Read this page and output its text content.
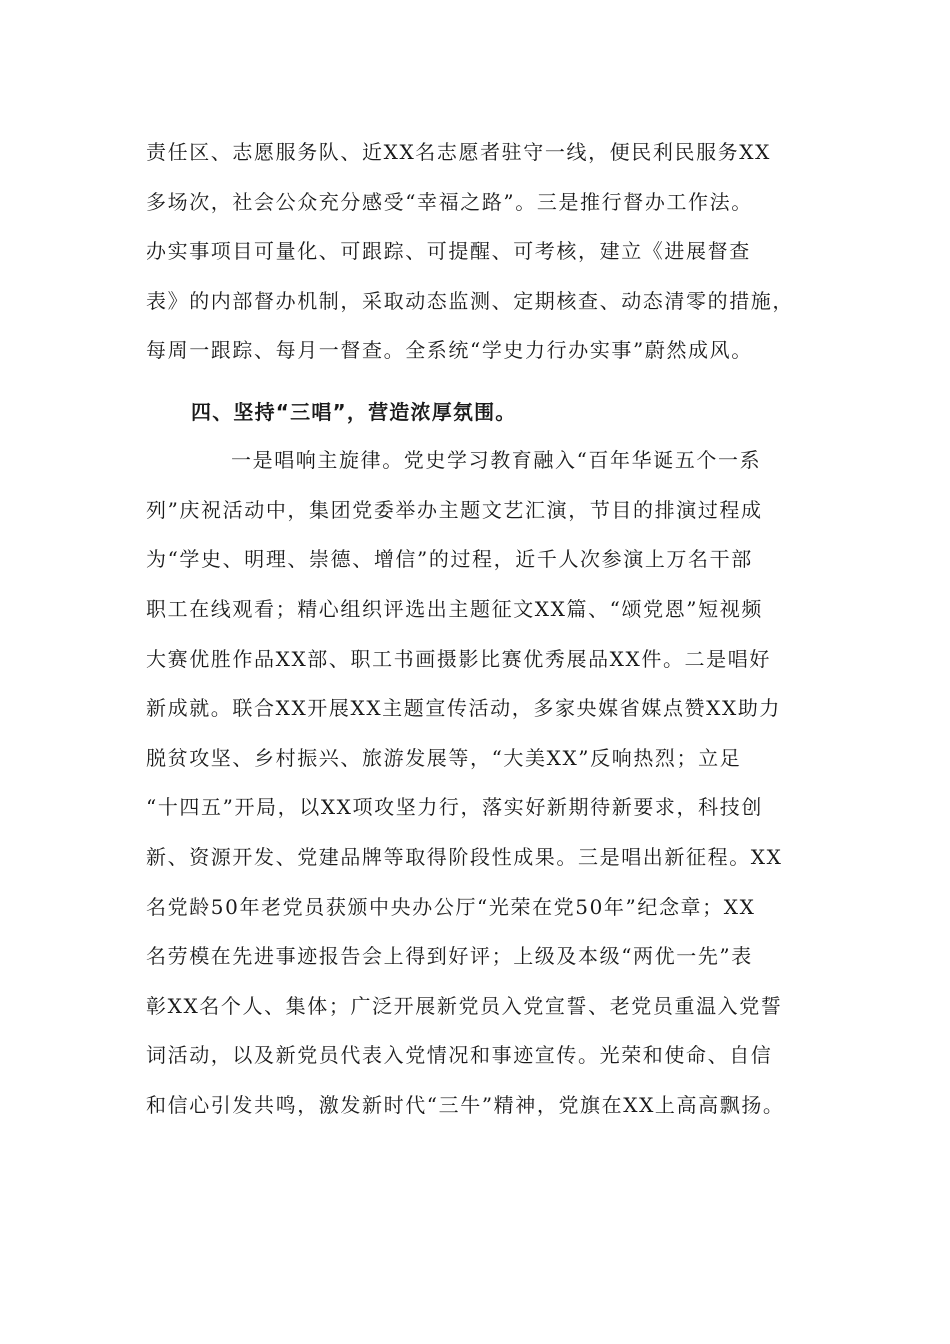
责任区、志愿服务队、近XX名志愿者驻守一线，便民利民服务XX
多场次，社会公众充分感受“幸福之路”。三是推行督办工作法。
办实事项目可量化、可跟踪、可提醒、可考核，建立《进展督查
表》的内部督办机制，采取动态监测、定期核查、动态清零的措施，
每周一跟踪、每月一督查。全系统“学史力行办实事”蔚然成风。
四、坚持“三唱”，营造浓厚氛围。
一是唱响主旋律。党史学习教育融入“百年华诞五个一系
列”庆祝活动中，集团党委举办主题文艺汇演，节目的排演过程成
为“学史、明理、崇德、增信”的过程，近千人次参演上万名干部
职工在线观看；精心组织评选出主题征文XX篇、“颂党恩”短视频
大赛优胜作品XX部、职工书画摄影比赛优秀展品XX件。二是唱好
新成就。联合XX开展XX主题宣传活动，多家央媒省媒点赞XX助力
脱贫攻坚、乡村振兴、旅游发展等，“大美XX”反响热烈；立足
“十四五”开局，以XX项攻坚力行，落实好新期待新要求，科技创
新、资源开发、党建品牌等取得阶段性成果。三是唱出新征程。XX
名党龄50年老党员获颁中央办公厅“光荣在党50年”纪念章；XX
名劳模在先进事迹报告会上得到好评；上级及本级“两优一先”表
彰XX名个人、集体；广泛开展新党员入党宣誓、老党员重温入党誓
词活动，以及新党员代表入党情况和事迹宣传。光荣和使命、自信
和信心引发共鸣，激发新时代“三牛”精神，党旗在XX上高高飘扬。
